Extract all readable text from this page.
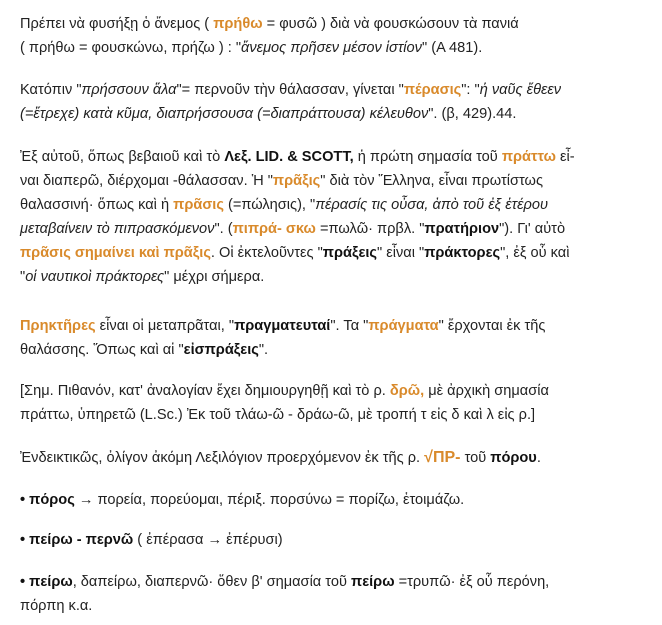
Πρέπει νὰ φυσήξῃ ὁ ἄνεμος ( πρήθω = φυσῶ ) διὰ νὰ φουσκώσουν τὰ πανιά
( πρήθω = φουσκώνω, πρήζω ) : "ἄνεμος πρῆσεν μέσον ἱστίον" (Α 481).
Κατόπιν "πρήσσουν ἅλα"= περνοῦν τὴν θάλασσαν, γίνεται "πέρασις": "ἡ ναῦς ἔθεεν
(=ἔτρεχε) κατὰ κῦμα, διαπρήσσουσα (=διαπράττουσα) κέλευθον". (β, 429).44.
Ἐξ αὐτοῦ, ὅπως βεβαιοῦ καὶ τὸ Λεξ. LID. & SCOTT, ἡ πρώτη σημασία τοῦ πράττω εἶ-
ναι διαπερῶ, διέρχομαι -θάλασσαν. Ἡ "πρᾶξις" διὰ τὸν Ἕλληνα, εἶναι πρωτίστως
θαλασσινή· ὅπως καὶ ἡ πρᾶσις (=πώλησις), "πέρασίς τις οὖσα, ἀπὸ τοῦ ἐξ ἑτέρου
μεταβαίνειν τὸ πιπρασκόμενον". (πιπρά- σκω =πωλῶ· πρβλ. "πρατήριον"). Γι' αὐτὸ
πρᾶσις σημαίνει καὶ πρᾶξις. Οἱ ἐκτελοῦντες "πράξεις" εἶναι "πράκτορες", ἐξ οὗ καὶ
"οἱ ναυτικοὶ πράκτορες" μέχρι σήμερα.
Πρηκτῆρες εἶναι οἱ μεταπρᾶται, "πραγματευταί". Τα "πράγματα" ἔρχονται ἐκ τῆς
θαλάσσης. Ὅπως καὶ αἱ "εἰσπράξεις".
[Σημ. Πιθανόν, κατ' ἀναλογίαν ἔχει δημιουργηθῇ καὶ τὸ ρ. δρῶ, μὲ ἀρχικὴ σημασία
πράττω, ὑπηρετῶ (L.Sc.) Ἐκ τοῦ τλάω-ῶ - δράω-ῶ, μὲ τροπή τ εἰς δ καὶ λ εἰς ρ.]
Ἐνδεικτικῶς, ὀλίγον ἀκόμη Λεξιλόγιον προερχόμενον ἐκ τῆς ρ. √ΠΡ- τοῦ πόρου.
• πόρος → πορεία, πορεύομαι, πέριξ. πορσύνω = πορίζω, ἑτοιμάζω.
• πείρω - περνῶ ( ἐπέρασα → ἐπέρυσι)
• πείρω, δαπείρω, διαπερνῶ· ὅθεν β' σημασία τοῦ πείρω =τρυπῶ· ἐξ οὗ περόνη,
πόρπη κ.α.
